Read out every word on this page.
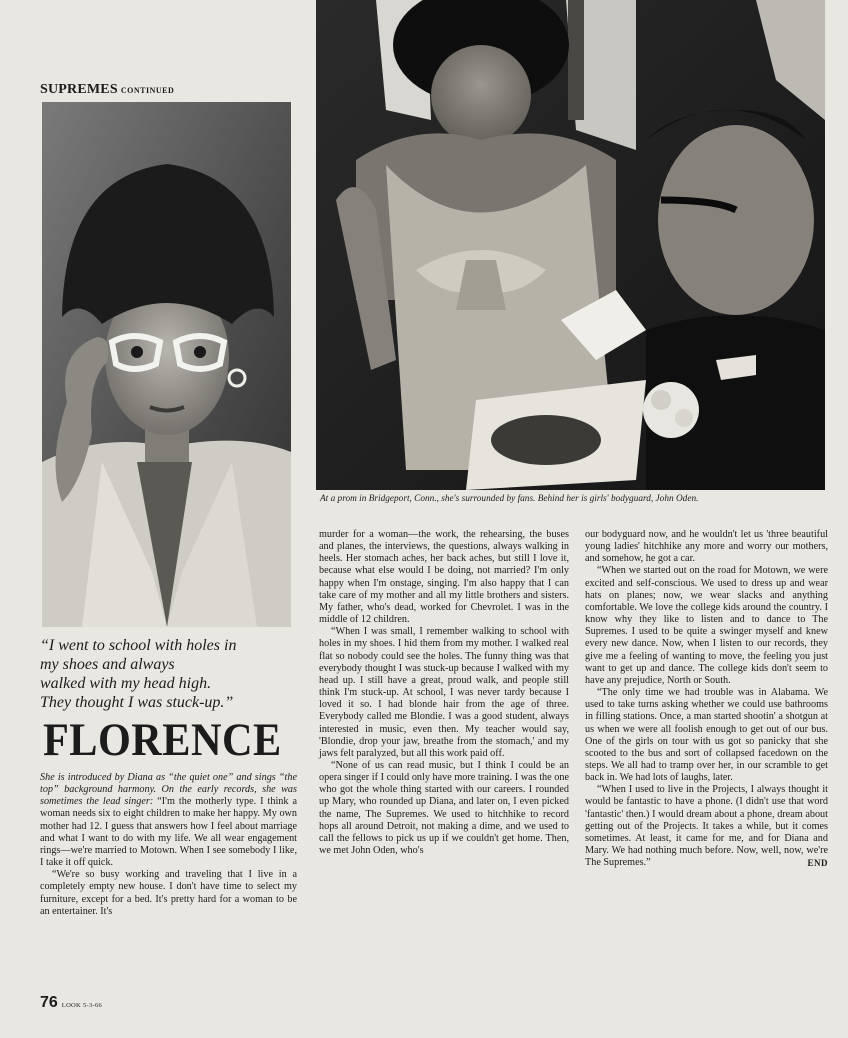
SUPREMES CONTINUED
At a prom in Bridgeport, Conn., she's surrounded by fans. Behind her is girls' bodyguard, John Oden.
“I went to school with holes in
my shoes and always
walked with my head high.
They thought I was stuck-up.”
FLORENCE

She is introduced by Diana as “the quiet one” and sings “the top” background harmony. On the early records, she was sometimes the lead singer: “I'm the motherly type. I think a woman needs six to eight children to make her happy. My own mother had 12. I guess that answers how I feel about marriage and what I want to do with my life. We all wear engagement rings—we're married to Motown. When I see somebody I like, I take it off quick.

“We're so busy working and traveling that I live in a completely empty new house. I don't have time to select my furniture, except for a bed. It's pretty hard for a woman to be an entertainer. It's

murder for a woman—the work, the rehearsing, the buses and planes, the interviews, the questions, always walking in heels. Her stomach aches, her back aches, but still I love it, because what else would I be doing, not married? I'm only happy when I'm onstage, singing. I'm also happy that I can take care of my mother and all my little brothers and sisters. My father, who's dead, worked for Chevrolet. I was in the middle of 12 children.

“When I was small, I remember walking to school with holes in my shoes. I hid them from my mother. I walked real flat so nobody could see the holes. The funny thing was that everybody thought I was stuck-up because I walked with my head up. I still have a great, proud walk, and people still think I'm stuck-up. At school, I was never tardy because I loved it so. I had blonde hair from the age of three. Everybody called me Blondie. I was a good student, always interested in music, even then. My teacher would say, 'Blondie, drop your jaw, breathe from the stomach,' and my jaws felt paralyzed, but all this work paid off.

“None of us can read music, but I think I could be an opera singer if I could only have more training. I was the one who got the whole thing started with our careers. I rounded up Mary, who rounded up Diana, and later on, I even picked the name, The Supremes. We used to hitchhike to record hops all around Detroit, not making a dime, and we used to call the fellows to pick us up if we couldn't get home. Then, we met John Oden, who's

our bodyguard now, and he wouldn't let us 'three beautiful young ladies' hitchhike any more and worry our mothers, and somehow, he got a car.

“When we started out on the road for Motown, we were excited and self-conscious. We used to dress up and wear hats on planes; now, we wear slacks and anything comfortable. We love the college kids around the country. I know why they like to listen and to dance to The Supremes. I used to be quite a swinger myself and knew every new dance. Now, when I listen to our records, they give me a feeling of wanting to move, the feeling you just want to get up and dance. The college kids don't seem to have any prejudice, North or South.

“The only time we had trouble was in Alabama. We used to take turns asking whether we could use bathrooms in filling stations. Once, a man started shootin' a shotgun at us when we were all foolish enough to get out of our bus. One of the girls on tour with us got so panicky that she scooted to the bus and sort of collapsed facedown on the steps. We all had to tramp over her, in our scramble to get back in. We had lots of laughs, later.

“When I used to live in the Projects, I always thought it would be fantastic to have a phone. (I didn't use that word 'fantastic' then.) I would dream about a phone, dream about getting out of the Projects. It takes a while, but it comes sometimes. At least, it came for me, and for Diana and Mary. We had nothing much before. Now, well, now, we're The Supremes.”	END

76 LOOK 5-3-66
